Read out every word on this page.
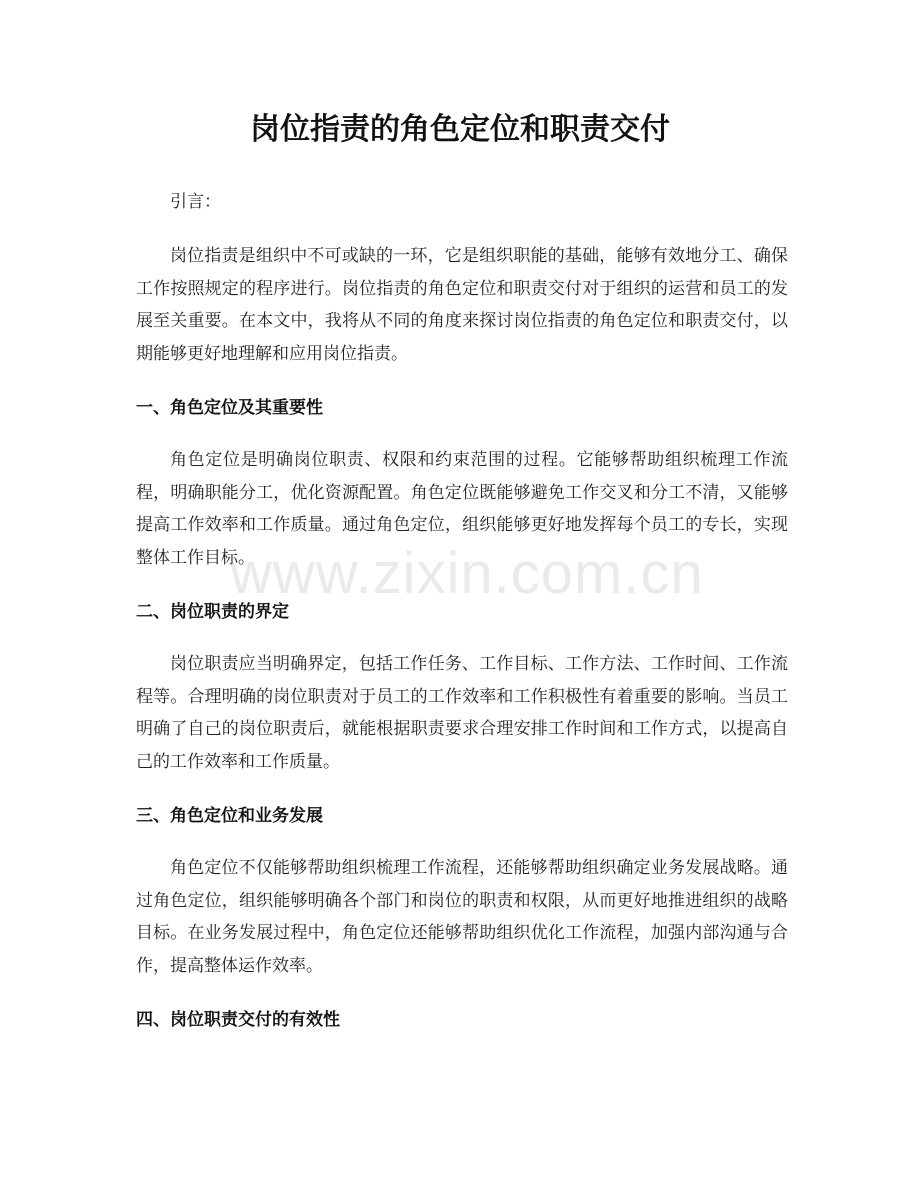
岗位指责的角色定位和职责交付

引言：

岗位指责是组织中不可或缺的一环，它是组织职能的基础，能够有效地分工、确保工作按照规定的程序进行。岗位指责的角色定位和职责交付对于组织的运营和员工的发展至关重要。在本文中，我将从不同的角度来探讨岗位指责的角色定位和职责交付，以期能够更好地理解和应用岗位指责。

一、角色定位及其重要性

角色定位是明确岗位职责、权限和约束范围的过程。它能够帮助组织梳理工作流程，明确职能分工，优化资源配置。角色定位既能够避免工作交叉和分工不清，又能够提高工作效率和工作质量。通过角色定位，组织能够更好地发挥每个员工的专长，实现整体工作目标。

二、岗位职责的界定

岗位职责应当明确界定，包括工作任务、工作目标、工作方法、工作时间、工作流程等。合理明确的岗位职责对于员工的工作效率和工作积极性有着重要的影响。当员工明确了自己的岗位职责后，就能根据职责要求合理安排工作时间和工作方式，以提高自己的工作效率和工作质量。

三、角色定位和业务发展

角色定位不仅能够帮助组织梳理工作流程，还能够帮助组织确定业务发展战略。通过角色定位，组织能够明确各个部门和岗位的职责和权限，从而更好地推进组织的战略目标。在业务发展过程中，角色定位还能够帮助组织优化工作流程，加强内部沟通与合作，提高整体运作效率。

四、岗位职责交付的有效性

www.zixin.com.cn
